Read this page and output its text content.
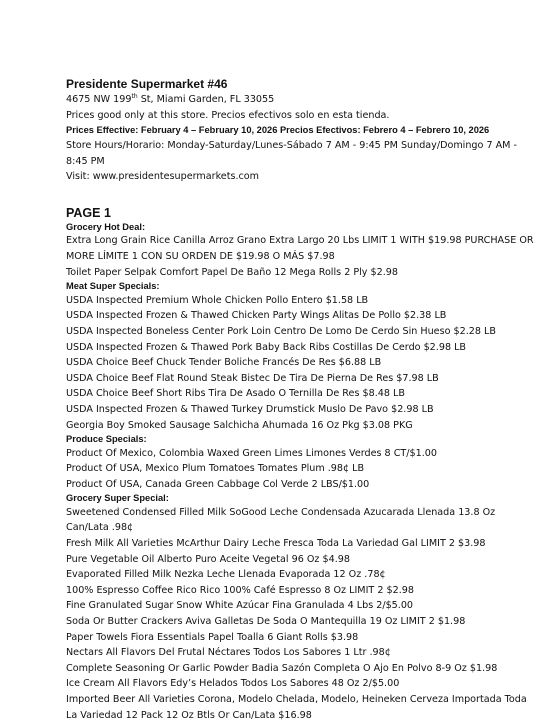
Presidente Supermarket #46

4675 NW 199th St, Miami Garden, FL 33055

Prices good only at this store. Precios efectivos solo en esta tienda.

Prices Effective: February 4 – February 10, 2026 Precios Efectivos: Febrero 4 – Febrero 10, 2026

Store Hours/Horario: Monday-Saturday/Lunes-Sábado 7 AM - 9:45 PM Sunday/Domingo 7 AM - 8:45 PM

Visit: www.presidentesupermarkets.com

PAGE 1

Grocery Hot Deal:

Extra Long Grain Rice Canilla Arroz Grano Extra Largo 20 Lbs LIMIT 1 WITH $19.98 PURCHASE OR MORE LÍMITE 1 CON SU ORDEN DE $19.98 O MÁS $7.98

Toilet Paper Selpak Comfort Papel De Baño 12 Mega Rolls 2 Ply $2.98

Meat Super Specials:

USDA Inspected Premium Whole Chicken Pollo Entero $1.58 LB

USDA Inspected Frozen & Thawed Chicken Party Wings Alitas De Pollo $2.38 LB

USDA Inspected Boneless Center Pork Loin Centro De Lomo De Cerdo Sin Hueso $2.28 LB

USDA Inspected Frozen & Thawed Pork Baby Back Ribs Costillas De Cerdo $2.98 LB

USDA Choice Beef Chuck Tender Boliche Francés De Res $6.88 LB

USDA Choice Beef Flat Round Steak Bistec De Tira De Pierna De Res $7.98 LB

USDA Choice Beef Short Ribs Tira De Asado O Ternilla De Res $8.48 LB

USDA Inspected Frozen & Thawed Turkey Drumstick Muslo De Pavo $2.98 LB

Georgia Boy Smoked Sausage Salchicha Ahumada 16 Oz Pkg $3.08 PKG

Produce Specials:

Product Of Mexico, Colombia Waxed Green Limes Limones Verdes 8 CT/$1.00

Product Of USA, Mexico Plum Tomatoes Tomates Plum .98¢ LB

Product Of USA, Canada Green Cabbage Col Verde 2 LBS/$1.00

Grocery Super Special:

Sweetened Condensed Filled Milk SoGood Leche Condensada Azucarada Llenada 13.8 Oz Can/Lata .98¢

Fresh Milk All Varieties McArthur Dairy Leche Fresca Toda La Variedad Gal LIMIT 2 $3.98

Pure Vegetable Oil Alberto Puro Aceite Vegetal 96 Oz $4.98

Evaporated Filled Milk Nezka Leche Llenada Evaporada 12 Oz .78¢

100% Espresso Coffee Rico Rico 100% Café Espresso 8 Oz LIMIT 2 $2.98

Fine Granulated Sugar Snow White Azúcar Fina Granulada 4 Lbs 2/$5.00

Soda Or Butter Crackers Aviva Galletas De Soda O Mantequilla 19 Oz LIMIT 2 $1.98

Paper Towels Fiora Essentials Papel Toalla 6 Giant Rolls $3.98

Nectars All Flavors Del Frutal Néctares Todos Los Sabores 1 Ltr .98¢

Complete Seasoning Or Garlic Powder Badia Sazón Completa O Ajo En Polvo 8-9 Oz $1.98

Ice Cream All Flavors Edy’s Helados Todos Los Sabores 48 Oz 2/$5.00

Imported Beer All Varieties Corona, Modelo Chelada, Modelo, Heineken Cerveza Importada Toda La Variedad 12 Pack 12 Oz Btls Or Can/Lata $16.98
